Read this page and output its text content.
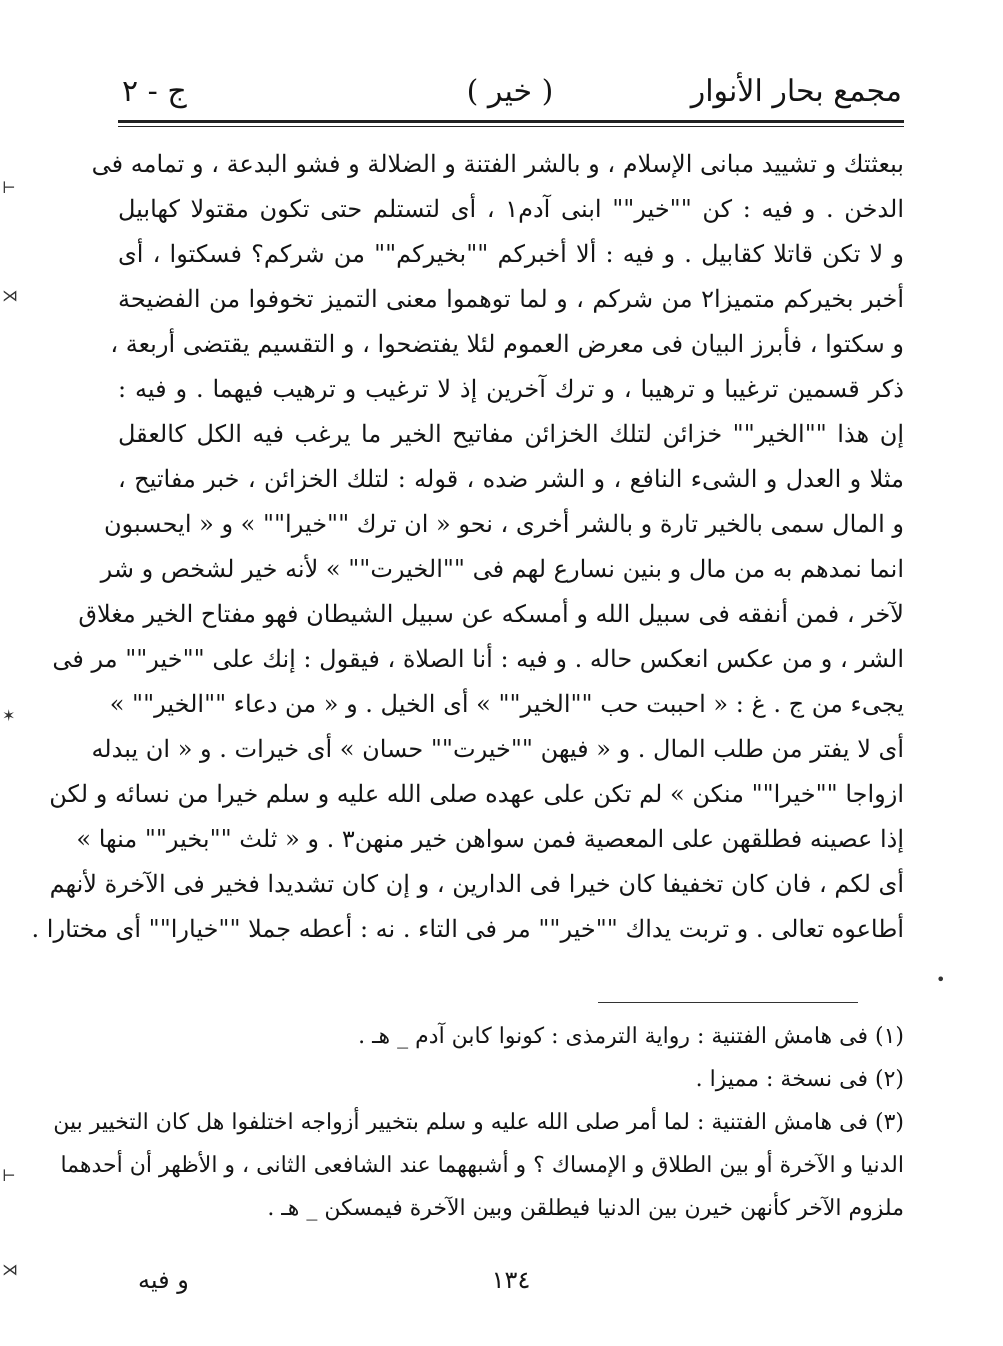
مجمع بحار الأنوار
( خير )
ج - ٢
ببعثتك و تشييد مبانى الإسلام ، و بالشر الفتنة و الضلالة و فشو البدعة ، و تمامه فى
الدخن . و فيه : كن ""خير"" ابنى آدم١ ، أى لتستلم حتى تكون مقتولا كهابيل
و لا تكن قاتلا كقابيل . و فيه : ألا أخبركم ""بخيركم"" من شركم؟ فسكتوا ، أى
أخبر بخيركم متميزا٢ من شركم ، و لما توهموا معنى التميز تخوفوا من الفضيحة
و سكتوا ، فأبرز البيان فى معرض العموم لئلا يفتضحوا ، و التقسيم يقتضى أربعة ،
ذكر قسمين ترغيبا و ترهيبا ، و ترك آخرين إذ لا ترغيب و ترهيب فيهما . و فيه :
إن هذا ""الخير"" خزائن لتلك الخزائن مفاتيح الخير ما يرغب فيه الكل كالعقل
مثلا و العدل و الشىء النافع ، و الشر ضده ، قوله : لتلك الخزائن ، خبر مفاتيح ،
و المال سمى بالخير تارة و بالشر أخرى ، نحو « ان ترك ""خيرا"" » و « ايحسبون
انما نمدهم به من مال و بنين نسارع لهم فى ""الخيرت"" » لأنه خير لشخص و شر
لآخر ، فمن أنفقه فى سبيل الله و أمسكه عن سبيل الشيطان فهو مفتاح الخير مغلاق
الشر ، و من عكس انعكس حاله . و فيه : أنا الصلاة ، فيقول : إنك على ""خير"" مر فى
يجىء من ج . غ : « احببت حب ""الخير"" » أى الخيل . و « من دعاء ""الخير"" »
أى لا يفتر من طلب المال . و « فيهن ""خيرت"" حسان » أى خيرات . و « ان يبدله
ازواجا ""خيرا"" منكن » لم تكن على عهده صلى الله عليه و سلم خيرا من نسائه و لكن
إذا عصينه فطلقهن على المعصية فمن سواهن خير منهن٣ . و « ثلث ""بخير"" منها »
أى لكم ، فان كان تخفيفا كان خيرا فى الدارين ، و إن كان تشديدا فخير فى الآخرة لأنهم
أطاعوه تعالى . و تربت يداك ""خير"" مر فى التاء . نه : أعطه جملا ""خيارا"" أى مختارا .
(١) فى هامش الفتنية : رواية الترمذى : كونوا كابن آدم _ هـ .
(٢) فى نسخة : مميزا .
(٣) فى هامش الفتنية : لما أمر صلى الله عليه و سلم بتخيير أزواجه اختلفوا هل كان التخيير بين
الدنيا و الآخرة أو بين الطلاق و الإمساك ؟ و أشبههما عند الشافعى الثانى ، و الأظهر أن أحدهما
ملزوم الآخر كأنهن خيرن بين الدنيا فيطلقن وبين الآخرة فيمسكن _ هـ .
١٣٤
و فيه
⊢
⋊
✶
•
⊢
⋊
